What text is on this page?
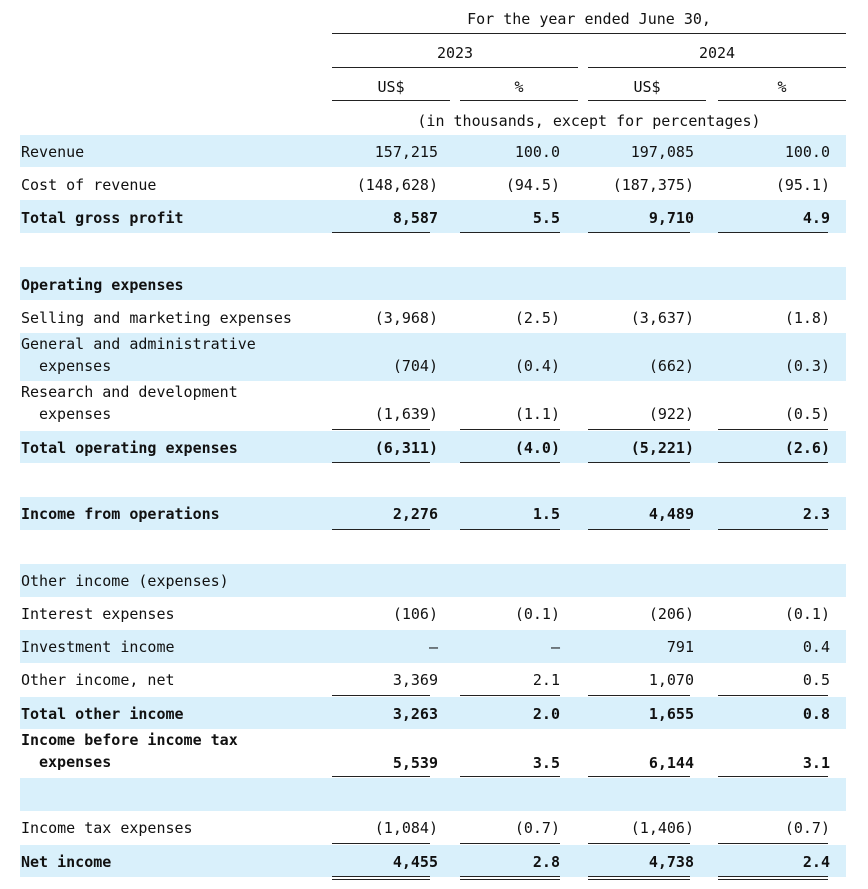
For the year ended June 30,
2023	2024
US$	%	US$	%
(in thousands, except for percentages)
Revenue	157,215	100.0	197,085	100.0
Cost of revenue	(148,628)	(94.5)	(187,375)	(95.1)
Total gross profit	8,587	5.5	9,710	4.9
Operating expenses
Selling and marketing expenses	(3,968)	(2.5)	(3,637)	(1.8)
General and administrative
expenses	(704)	(0.4)	(662)	(0.3)
Research and development
expenses	(1,639)	(1.1)	(922)	(0.5)
Total operating expenses	(6,311)	(4.0)	(5,221)	(2.6)
Income from operations	2,276	1.5	4,489	2.3
Other income (expenses)
Interest expenses	(106)	(0.1)	(206)	(0.1)
Investment income	—	—	791	0.4
Other income, net	3,369	2.1	1,070	0.5
Total other income	3,263	2.0	1,655	0.8
Income before income tax
expenses	5,539	3.5	6,144	3.1
Income tax expenses	(1,084)	(0.7)	(1,406)	(0.7)
Net income	4,455	2.8	4,738	2.4
